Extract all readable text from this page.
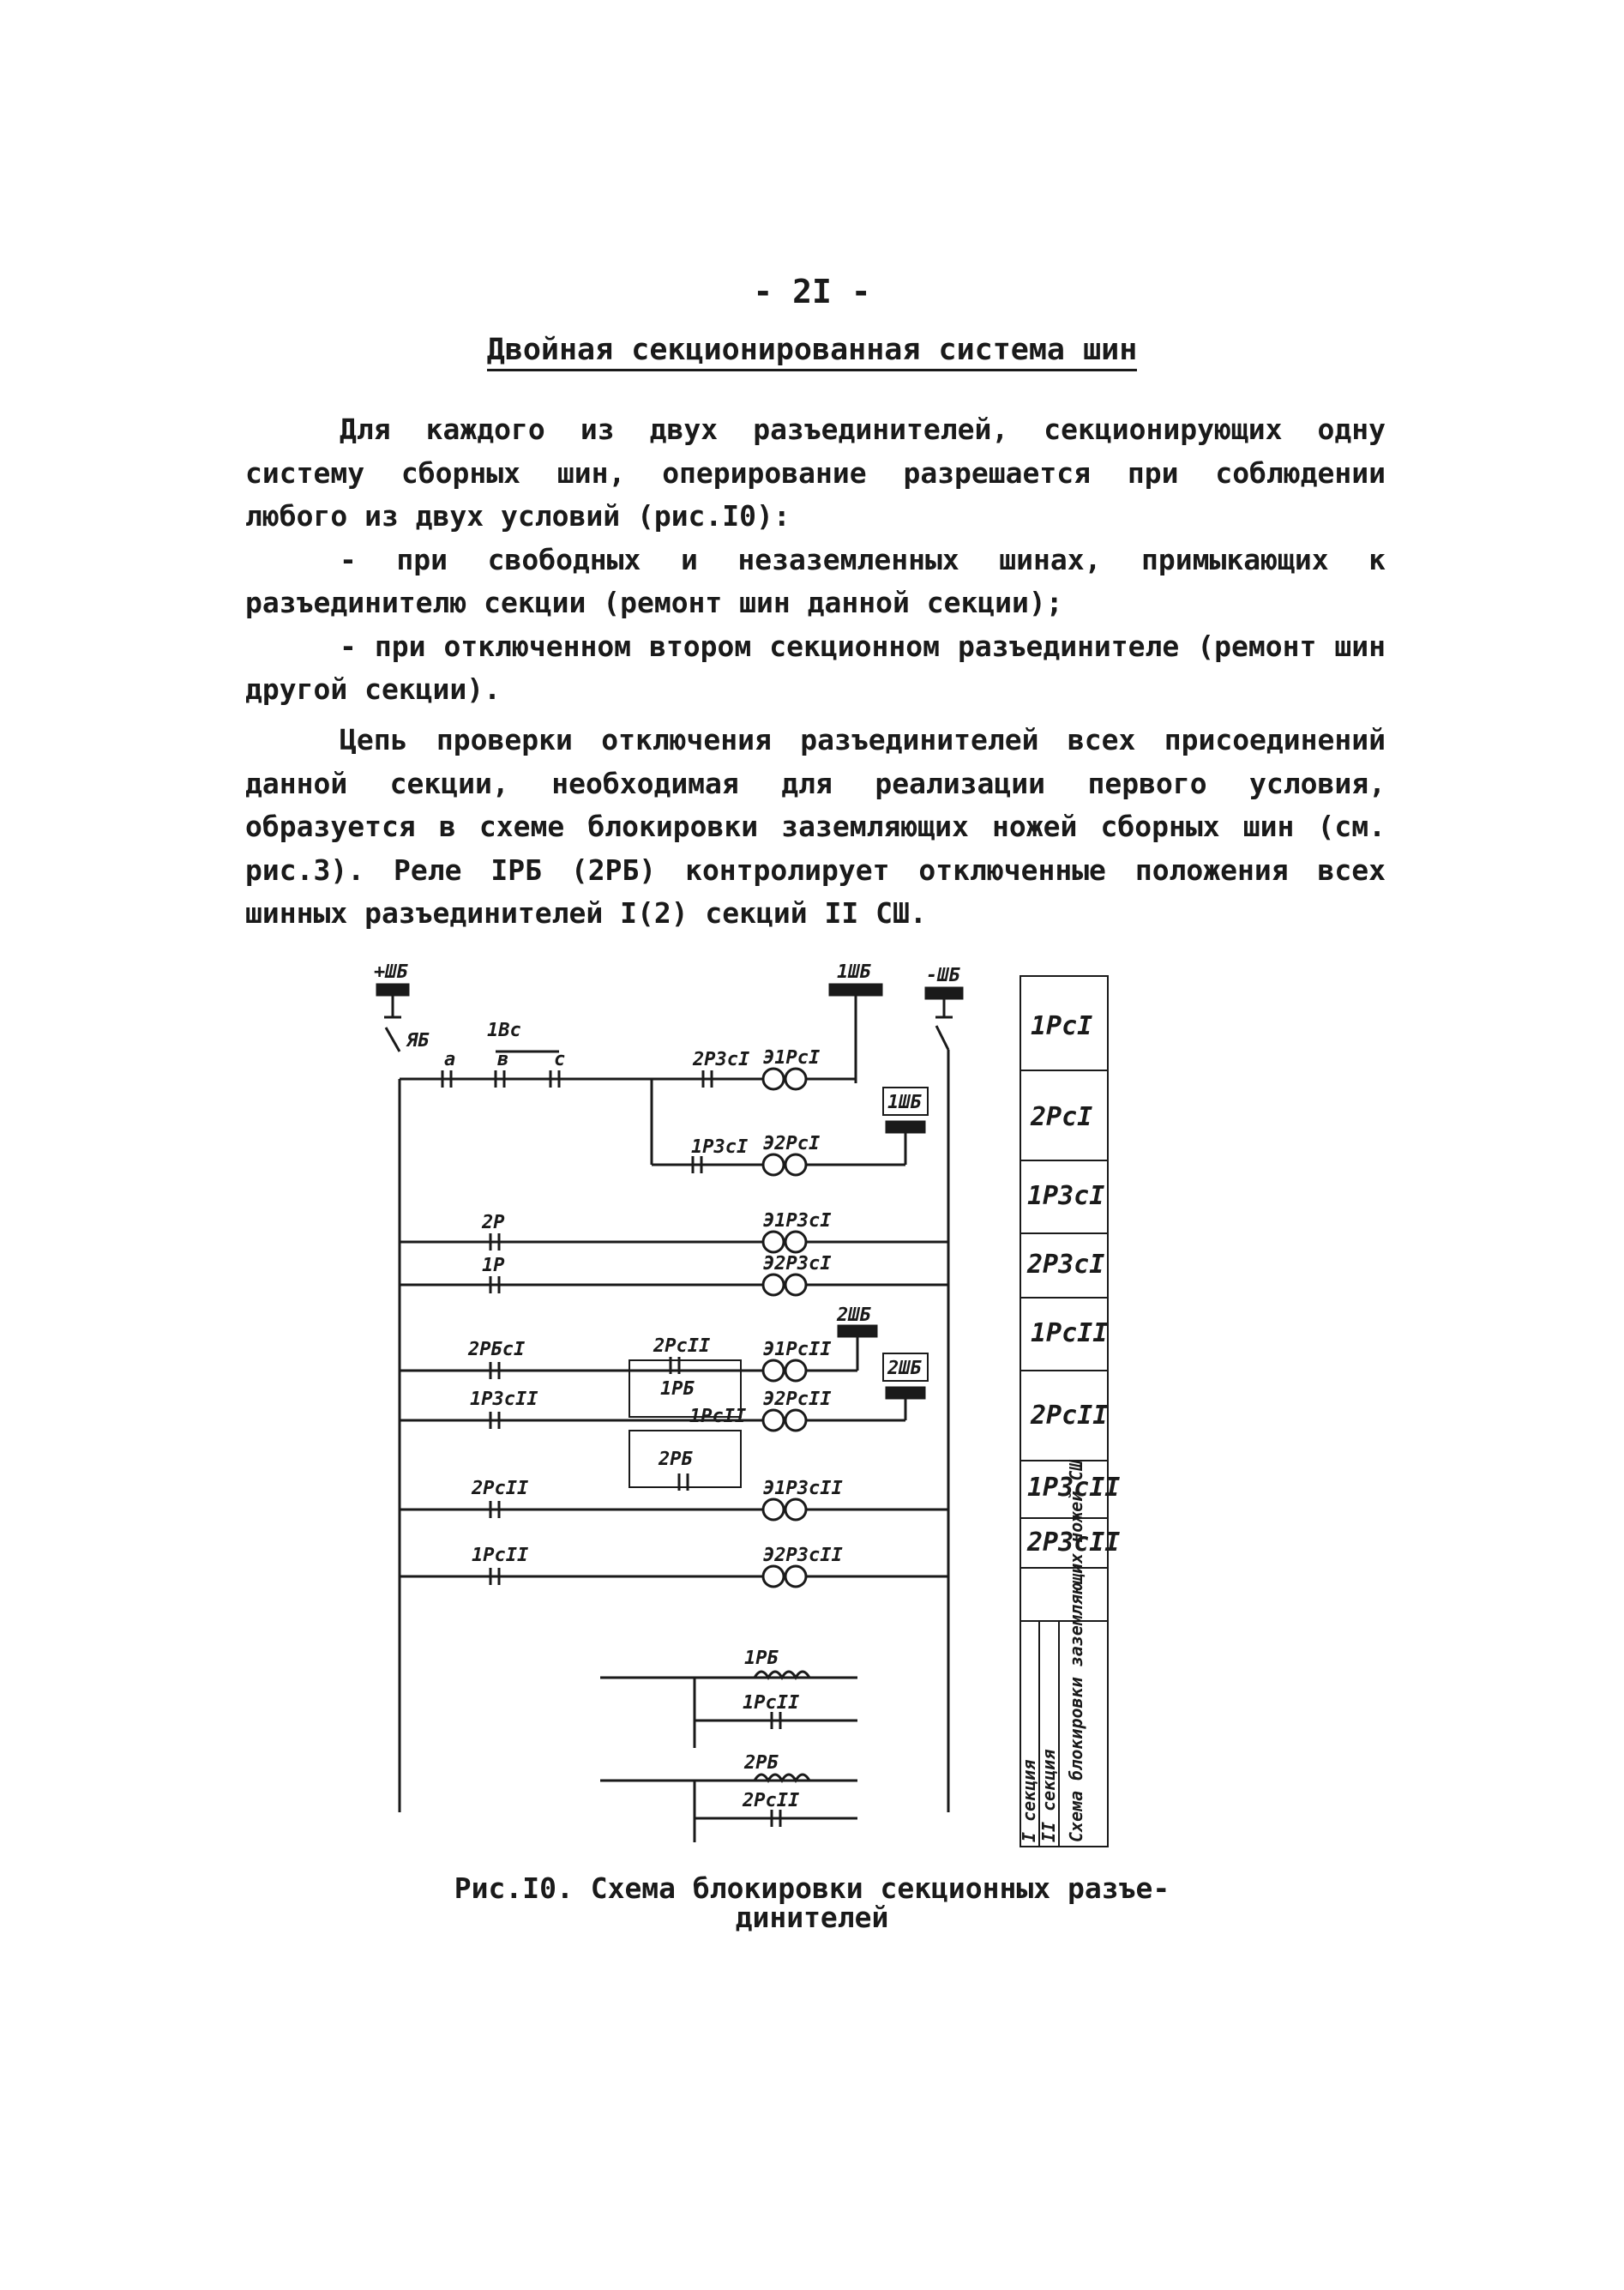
- 2I -
Двойная секционированная система шин

Для каждого из двух разъединителей, секционирующих одну систему сборных шин, оперирование разрешается при соблюдении любого из двух условий (рис.I0):

- при свободных и незаземленных шинах, примыкающих к разъединителю секции (ремонт шин данной секции);

- при отключенном втором секционном разъединителе (ремонт шин другой секции).

Цепь проверки отключения разъединителей всех присоединений данной секции, необходимая для реализации первого условия, образуется в схеме блокировки заземляющих ножей сборных шин (см. рис.3). Реле IРБ (2РБ) контролирует отключенные положения всех шинных разъединителей I(2) секций II СШ.

+ШБ	1ШБ	-ШБ
ЯБ	1Вс
а в с	2РЗсI Э1РсI
1РЗсI Э2РсI
1ШБ
2ШБ
2ШБ
2Р	Э1РЗсI
1Р	Э2РЗсI
2РБсI	Э1РсII
1РЗсII	Э2РсII
2РсII	Э1РЗсII
1РсII	Э2РЗсII
2РсII
1РБ
1РсII
2РБ
1РБ
1РсII
2РБ
2РсII
1РсI
2РсI
1РЗсI
2РЗсI
1РсII
2РсII
1РЗсII
2РЗсII
I секция II секция Схема блокировки заземляющих ножей СШ
Рис.I0. Схема блокировки секционных разъе-
динителей
